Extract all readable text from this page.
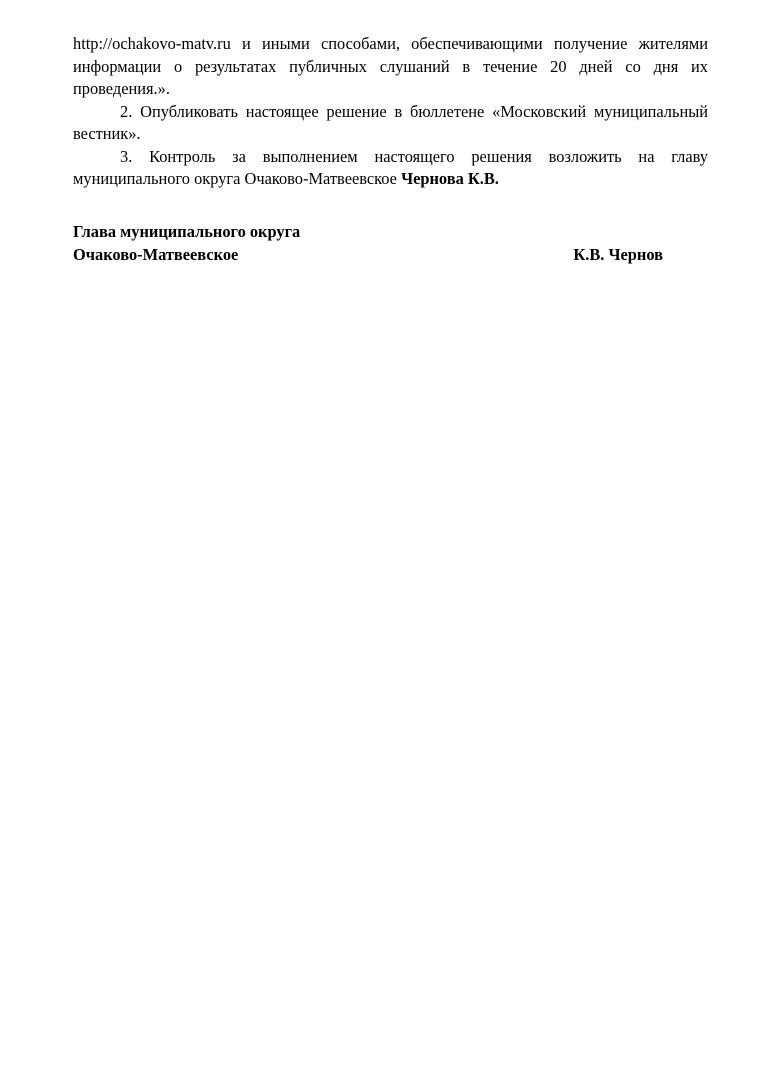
http://ochakovo-matv.ru и иными способами, обеспечивающими получение жителями информации о результатах публичных слушаний в течение 20 дней со дня их проведения.».

2. Опубликовать настоящее решение в бюллетене «Московский муниципальный вестник».

3. Контроль за выполнением настоящего решения возложить на главу муниципального округа Очаково-Матвеевское Чернова К.В.

Глава муниципального округа
Очаково-Матвеевское	К.В. Чернов
